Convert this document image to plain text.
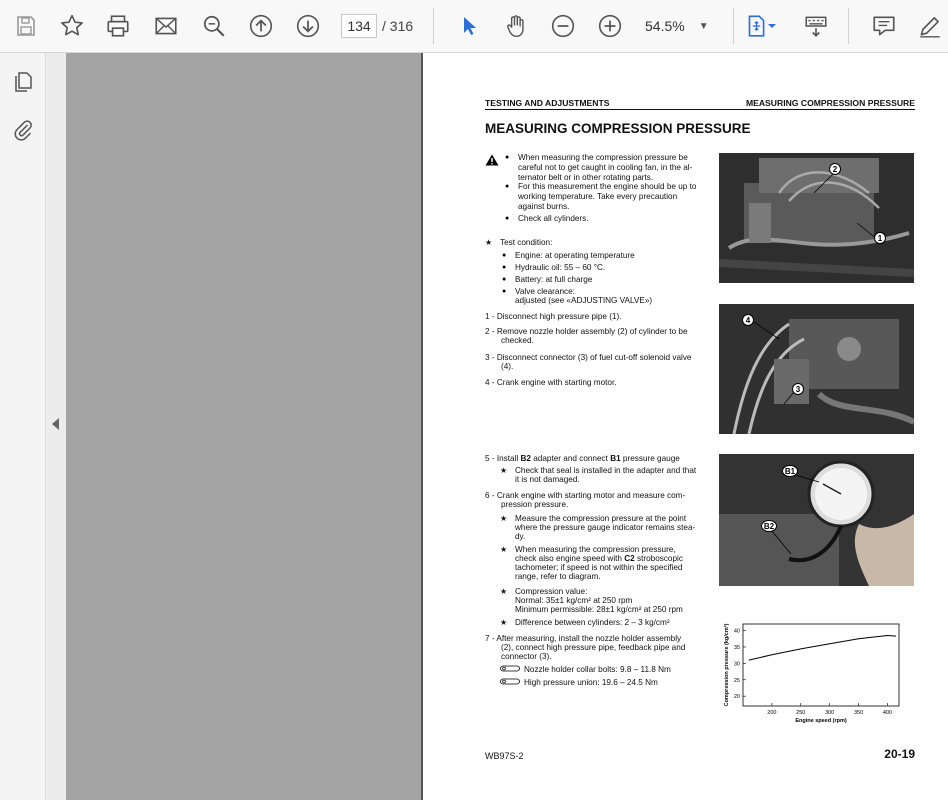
134 / 316	54.5% ▼
TESTING AND ADJUSTMENTS	MEASURING COMPRESSION PRESSURE
MEASURING COMPRESSION PRESSURE
● When measuring the compression pressure be
careful not to get caught in cooling fan, in the al-
ternator belt or in other rotating parts.
● For this measurement the engine should be up to
working temperature. Take every precaution
against burns.
● Check all cylinders.
★ Test condition:
● Engine: at operating temperature
● Hydraulic oil: 55 – 60 °C.
● Battery: at full charge
● Valve clearance:
adjusted (see «ADJUSTING VALVE»)
1 - Disconnect high pressure pipe (1).
2 - Remove nozzle holder assembly (2) of cylinder to be
checked.
3 - Disconnect connector (3) of fuel cut-off solenoid valve
(4).
4 - Crank engine with starting motor.
5 - Install B2 adapter and connect B1 pressure gauge
★ Check that seal is installed in the adapter and that
it is not damaged.
6 - Crank engine with starting motor and measure com-
pression pressure.
★ Measure the compression pressure at the point
where the pressure gauge indicator remains stea-
dy.
★ When measuring the compression pressure,
check also engine speed with C2 stroboscopic
tachometer; if speed is not within the specified
range, refer to diagram.
★ Compression value:
Normal: 35±1 kg/cm² at 250 rpm
Minimum permissible: 28±1 kg/cm² at 250 rpm
★ Difference between cylinders: 2 – 3 kg/cm²
7 - After measuring, install the nozzle holder assembly
(2), connect high pressure pipe, feedback pipe and
connector (3).
Nozzle holder collar bolts: 9.8 – 11.8 Nm
High pressure union: 19.6 – 24.5 Nm
2
1
4
3
B1
B2
20
25
30
35
40
200	250	300	350	400
Engine speed (rpm)
Compression pressure (kg/cm²)
WB97S-2	20-19
